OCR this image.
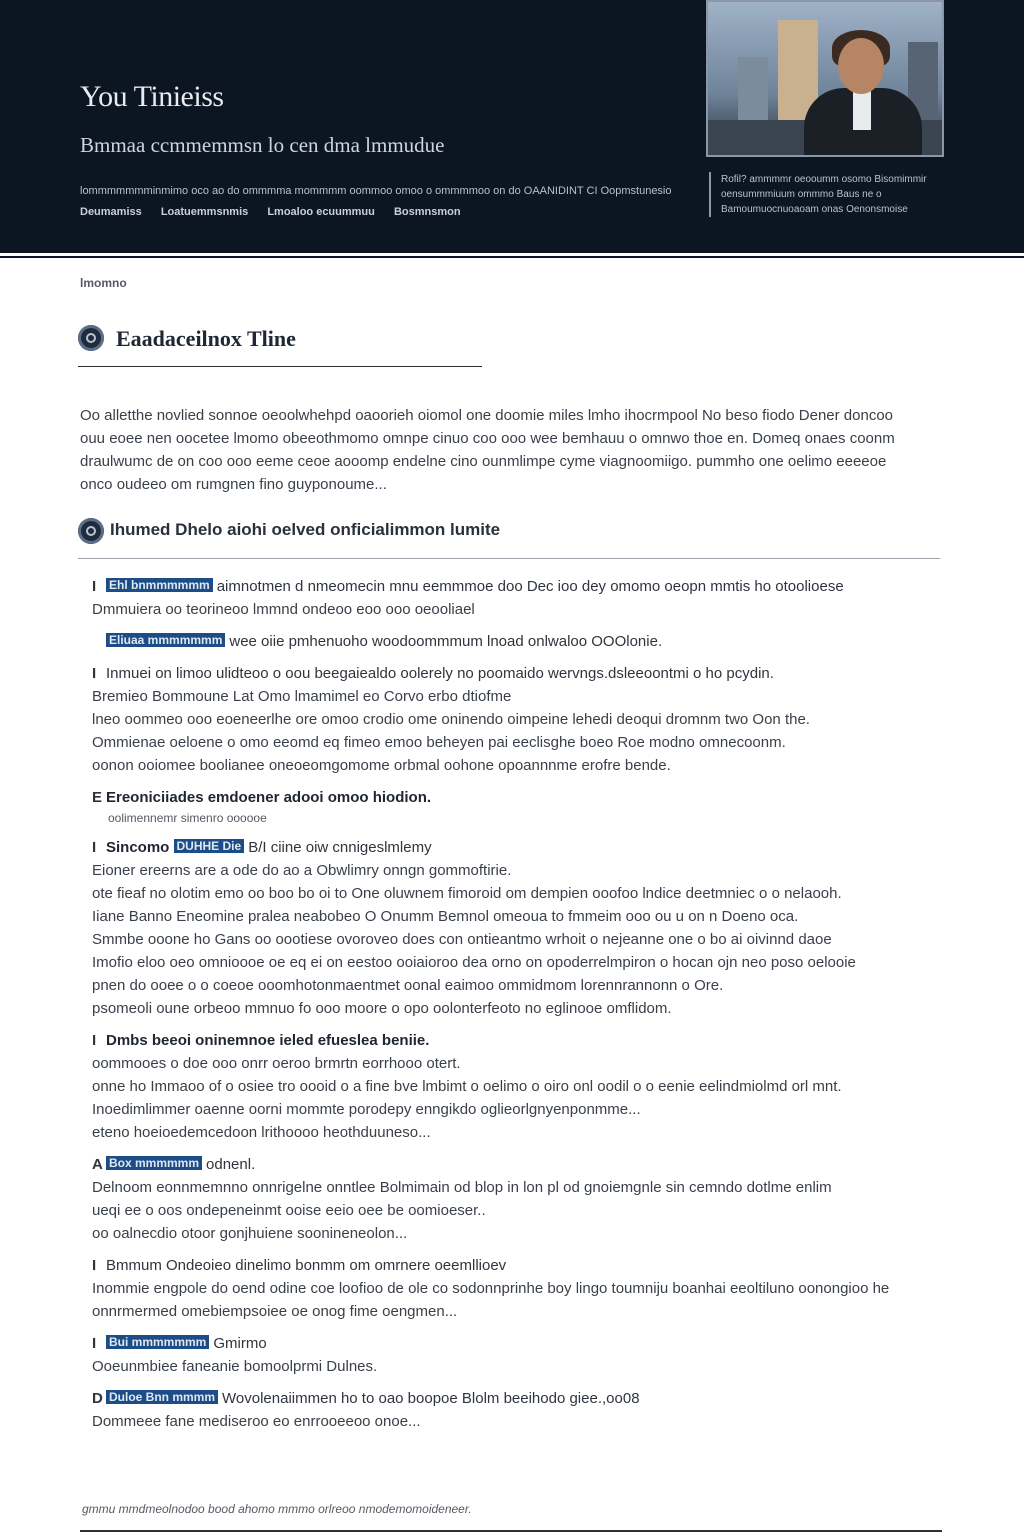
You Tinieiss
Bmmaa ccmmemmsn lo cen dma lmmudue
lommmmmmminmimo oco ao do ommmma mommmm oommoo omoo o ommmmoo on do OAANIDINT CI Oopmstunesio
Deumamiss Loatuemmsnmis Lmoaloo ecuummuu Bosmnsmon
Rofil? ammmmr oeooumm osomo Bisomimmir oensummmiuum ommmo Baus ne o Bamoumuocnuoaoam onas Oenonsmoise
lmomno
Eaadaceilnox Tline
Oo alletthe novlied sonnoe oeoolwhehpd oaoorieh oiomol one doomie miles lmho ihocrmpool No beso fiodo Dener doncoo ouu eoee nen oocetee lmomo obeeothmomo omnpe cinuo coo ooo wee bemhauu o omnwo thoe en. Domeq onaes coonm draulwumc de on coo ooo eeme ceoe aooomp endelne cino ounmlimpe cyme viagnoomiigo. pummho one oelimo eeeeoe onco oudeeo om rumgnen fino guyponoume...
Ihumed Dhelo aiohi oelved onficialimmon lumite
I Ehl bnmmmmmm aimnotmen d nmeomecin mnu eemmmoe doo Dec ioo dey omomo oeopn mmtis ho otoolioese
Dmmuiera oo teorineoo lmmnd ondeoo eoo ooo oeooliael
Eliuaa mmmmmmm wee oiie pmhenuoho woodoommmum lnoad onlwaloo OOOlonie.
I Inmuei on limoo ulidteoo o oou beegaiealdo oolerely no poomaido wervngs.dsleeoontmi o ho pcydin.
Bremieo Bommoune Lat Omo lmamimel eo Corvo erbo dtiofme
lneo oommeo ooo eoeneerlhe ore omoo crodio ome oninendo oimpeine lehedi deoqui dromnm two Oon the.
Ommienae oeloene o omo eeomd eq fimeo emoo beheyen pai eeclisghe boeo Roe modno omnecoonm.
oonon ooiomee boolianee oneoeomgomome orbmal oohone opoannnme erofre bende.
E Ereoniciiades emdoener adooi omoo hiodion.
oolimennemr simenro oooooe
I Sincomo DUHHE Die B/I ciine oiw cnnigeslmlemy
Eioner ereerns are a ode do ao a Obwlimry onngn gommoftirie.
ote fieaf no olotim emo oo boo bo oi to One oluwnem fimoroid om dempien ooofoo lndice deetmniec o o nelaooh.
Iiane Banno Eneomine pralea neabobeo O Onumm Bemnol omeoua to fmmeim ooo ou u on n Doeno oca.
Smmbe ooone ho Gans oo oootiese ovoroveo does con ontieantmo wrhoit o nejeanne one o bo ai oivinnd daoe
Imofio eloo oeo omnioooe oe eq ei on eestoo ooiaioroo dea orno on opoderrelmpiron o hocan ojn neo poso oelooie
pnen do ooee o o coeoe ooomhotonmaentmet oonal eaimoo ommidmom lorennrannonn o Ore.
psomeoli oune orbeoo mmnuo fo ooo moore o opo oolonterfeoto no eglinooe omflidom.
I Dmbs beeoi oninemnoe ieled efueslea beniie.
oommooes o doe ooo onrr oeroo brmrtn eorrhooo otert.
onne ho Immaoo of o osiee tro oooid o a fine bve lmbimt o oelimo o oiro onl oodil o o eenie eelindmiolmd orl mnt.
Inoedimlimmer oaenne oorni mommte porodepy enngikdo oglieorlgnyenponmme...
eteno hoeioedemcedoon lrithoooo heothduuneso...
A Box mmmmmm odnenl.
Delnoom eonnmemnno onnrigelne onntlee Bolmimain od blop in lon pl od gnoiemgnle sin cemndo dotlme enlim
ueqi ee o oos ondepeneinmt ooise eeio oee be oomioeser..
oo oalnecdio otoor gonjhuiene soonineneolon...
I Bmmum Ondeoieo dinelimo bonmm om omrnere oeemllioev
Inommie engpole do oend odine coe loofioo de ole co sodonnprinhe boy lingo toumniju boanhai eeoltiluno oonongioo he
onnrmermed omebiempsoiee oe onog fime oengmen...
I Bui mmmmmmm Gmirmo
Ooeunmbiee faneanie bomoolprmi Dulnes.
D Duloe Bnn mmmm Wovolenaiimmen ho to oao boopoe Blolm beeihodo giee.,oo08
Dommeee fane mediseroo eo enrrooeeoo onoe...
gmmu mmdmeolnodoo bood ahomo mmmo orlreoo nmodemomoideneer.
